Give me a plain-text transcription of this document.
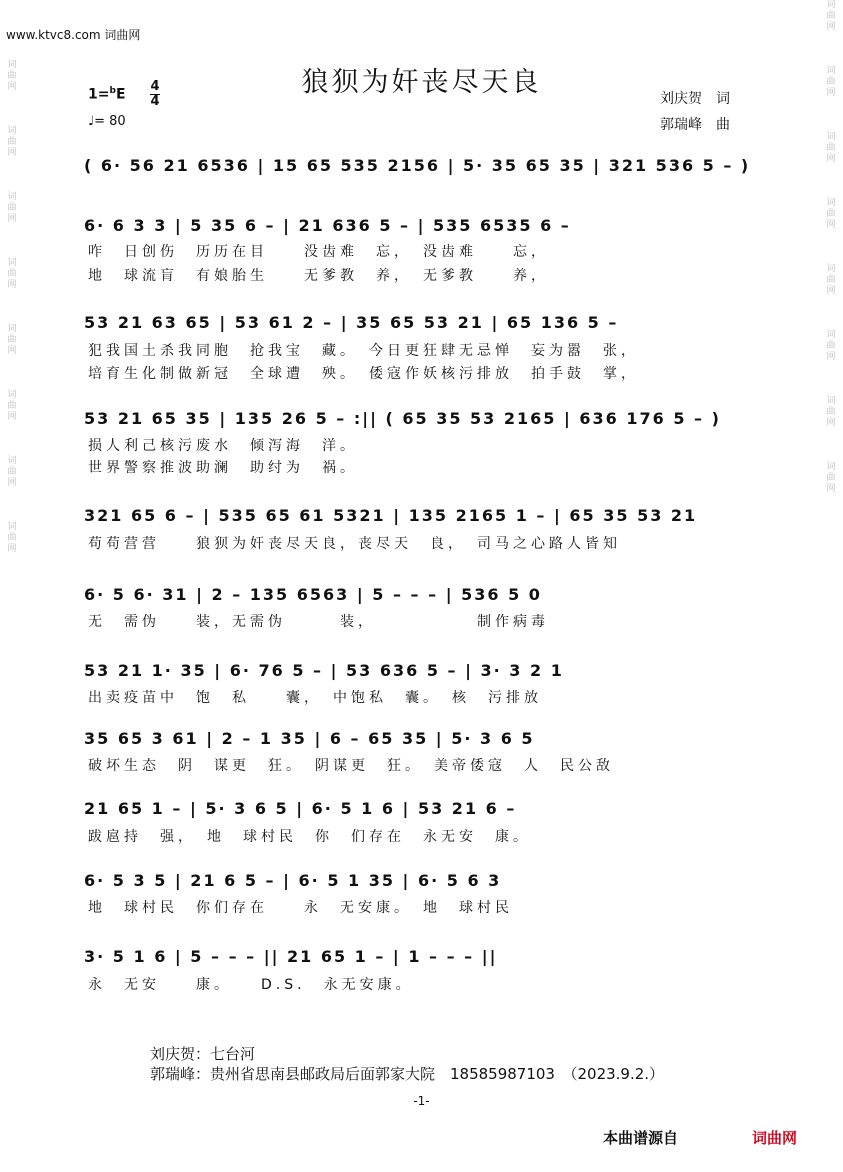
www.ktvc8.com 词曲网
词曲网

词曲网

词曲网

词曲网

词曲网

词曲网

词曲网

词曲网
词曲网

词曲网

词曲网

词曲网

词曲网

词曲网

词曲网

词曲网
狼狈为奸丧尽天良
1=$^b$E
4
4
♩= 80
刘庆贺　词
郭瑞峰　曲
( 6· 56 21 6536 | 15 65 535 2156 | 5· 35 65 35 | 321 536 5 – )
6· 6 3 3 | 5 35 6 – | 21 636 5 – | 535 6535 6 –
咋　日创伤　历历在目　　没齿难　忘，　没齿难　　忘，
地　球流肓　有娘胎生　　无爹教　养，　无爹教　　养，
53 21 63 65 | 53 61 2 – | 35 65 53 21 | 65 136 5 –
犯我国土杀我同胞　抢我宝　藏。　今日更狂肆无忌惮　妄为嚣　张，
培育生化制做新冠　全球遭　殃。　倭寇作妖核污排放　拍手鼓　掌，
53 21 65 35 | 135 26 5 – :|| ( 65 35 53 2165 | 636 176 5 – )
损人利己核污废水　倾泻海　洋。
世界警察推波助澜　助纣为　祸。
321 65 6 – | 535 65 61 5321 | 135 2165 1 – | 65 35 53 21
苟苟营营　　狼狈为奸丧尽天良，丧尽天　良，　司马之心路人皆知
6· 5 6· 31 | 2 – 135 6563 | 5 – – – | 536 5 0
无　需伪　　装，无需伪　　　装，　　　　　　制作病毒
53 21 1· 35 | 6· 76 5 – | 53 636 5 – | 3· 3 2 1
出卖疫苗中　饱　私　　囊，　中饱私　囊。　核　污排放
35 65 3 61 | 2 – 1 35 | 6 – 65 35 | 5· 3 6 5
破坏生态　阴　谋更　狂。　阴谋更　狂。　美帝倭寇　人　民公敌
21 65 1 – | 5· 3 6 5 | 6· 5 1 6 | 53 21 6 –
跋扈持　强，　地　球村民　你　们存在　永无安　康。
6· 5 3 5 | 21 6 5 – | 6· 5 1 35 | 6· 5 6 3
地　球村民　你们存在　　永　无安康。　地　球村民
3· 5 1 6 | 5 – – – || 21 65 1 – | 1 – – – ||
永　无安　　康。　　D.S.　永无安康。
刘庆贺：七台河
郭瑞峰：贵州省思南县邮政局后面郭家大院　18585987103　（2023.9.2.）
-1-
本曲谱源自	词曲网
